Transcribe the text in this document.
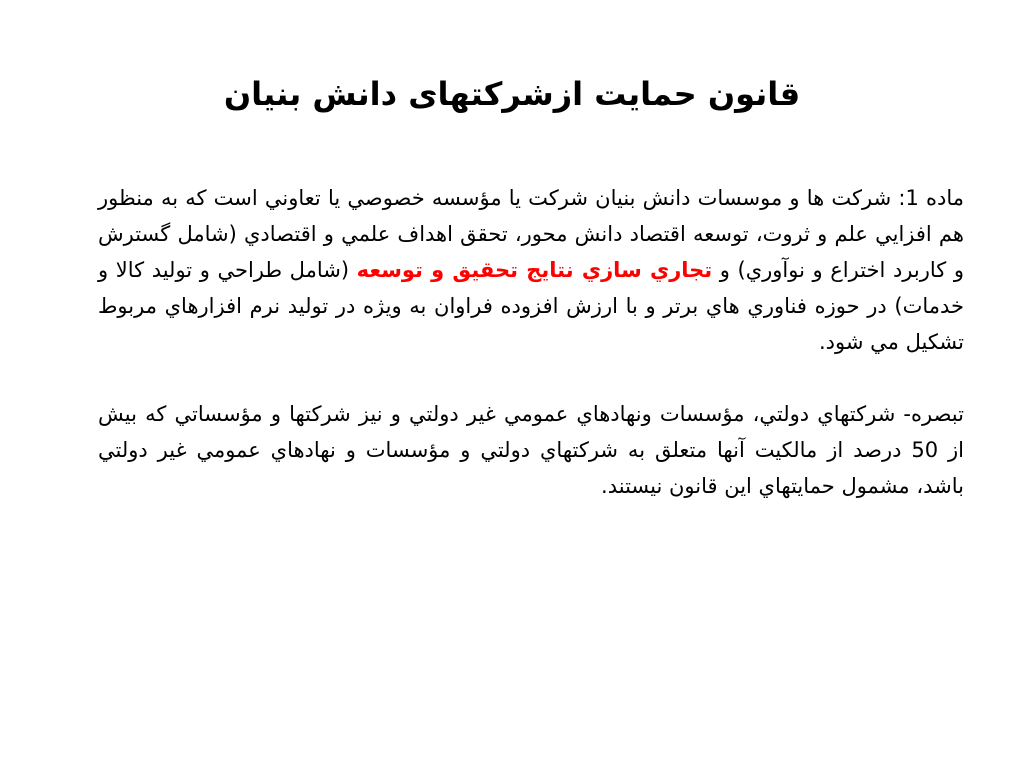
قانون حمايت ازشرکتهای دانش بنيان

ماده 1: شركت ها و موسسات دانش بنيان شركت يا مؤسسه خصوصي يا تعاوني است كه به منظور هم افزايي علم و ثروت، توسعه اقتصاد دانش محور، تحقق اهداف علمي و اقتصادي (شامل گسترش و كاربرد اختراع و نوآوري) و تجاري سازي نتايج تحقيق و توسعه (شامل طراحي و توليد كالا و خدمات) در حوزه فناوري هاي برتر و با ارزش افزوده فراوان به ويژه در توليد نرم افزارهاي مربوط تشكيل مي شود.

تبصره- شركتهاي دولتي، مؤسسات ونهادهاي عمومي غير دولتي و نيز شركتها و مؤسساتي كه بيش از 50 درصد از مالكيت آنها متعلق به شركتهاي دولتي و مؤسسات و نهادهاي عمومي غير دولتي باشد، مشمول حمايتهاي اين قانون نيستند.
